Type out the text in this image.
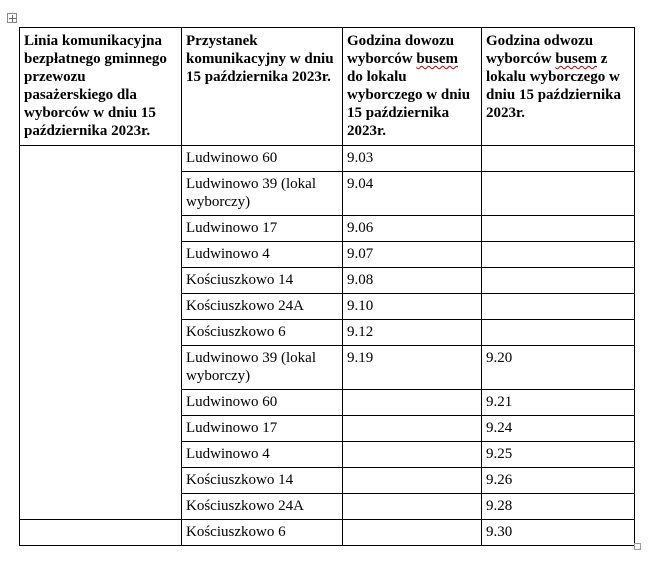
Linia komunikacyjna bezpłatnego gminnego przewozu pasażerskiego dla wyborców w dniu 15 października 2023r.	Przystanek komunikacyjny w dniu 15 października 2023r.	Godzina dowozu wyborców busem do lokalu wyborczego w dniu 15 października 2023r.	Godzina odwozu wyborców busem z lokalu wyborczego w dniu 15 października 2023r.
	Ludwinowo 60	9.03	
	Ludwinowo 39 (lokal wyborczy)	9.04	
	Ludwinowo 17	9.06	
	Ludwinowo 4	9.07	
	Kościuszkowo 14	9.08	
	Kościuszkowo 24A	9.10	
	Kościuszkowo 6	9.12	
	Ludwinowo 39 (lokal wyborczy)	9.19	9.20
	Ludwinowo 60		9.21
	Ludwinowo 17		9.24
	Ludwinowo 4		9.25
	Kościuszkowo 14		9.26
	Kościuszkowo 24A		9.28
	Kościuszkowo 6		9.30
